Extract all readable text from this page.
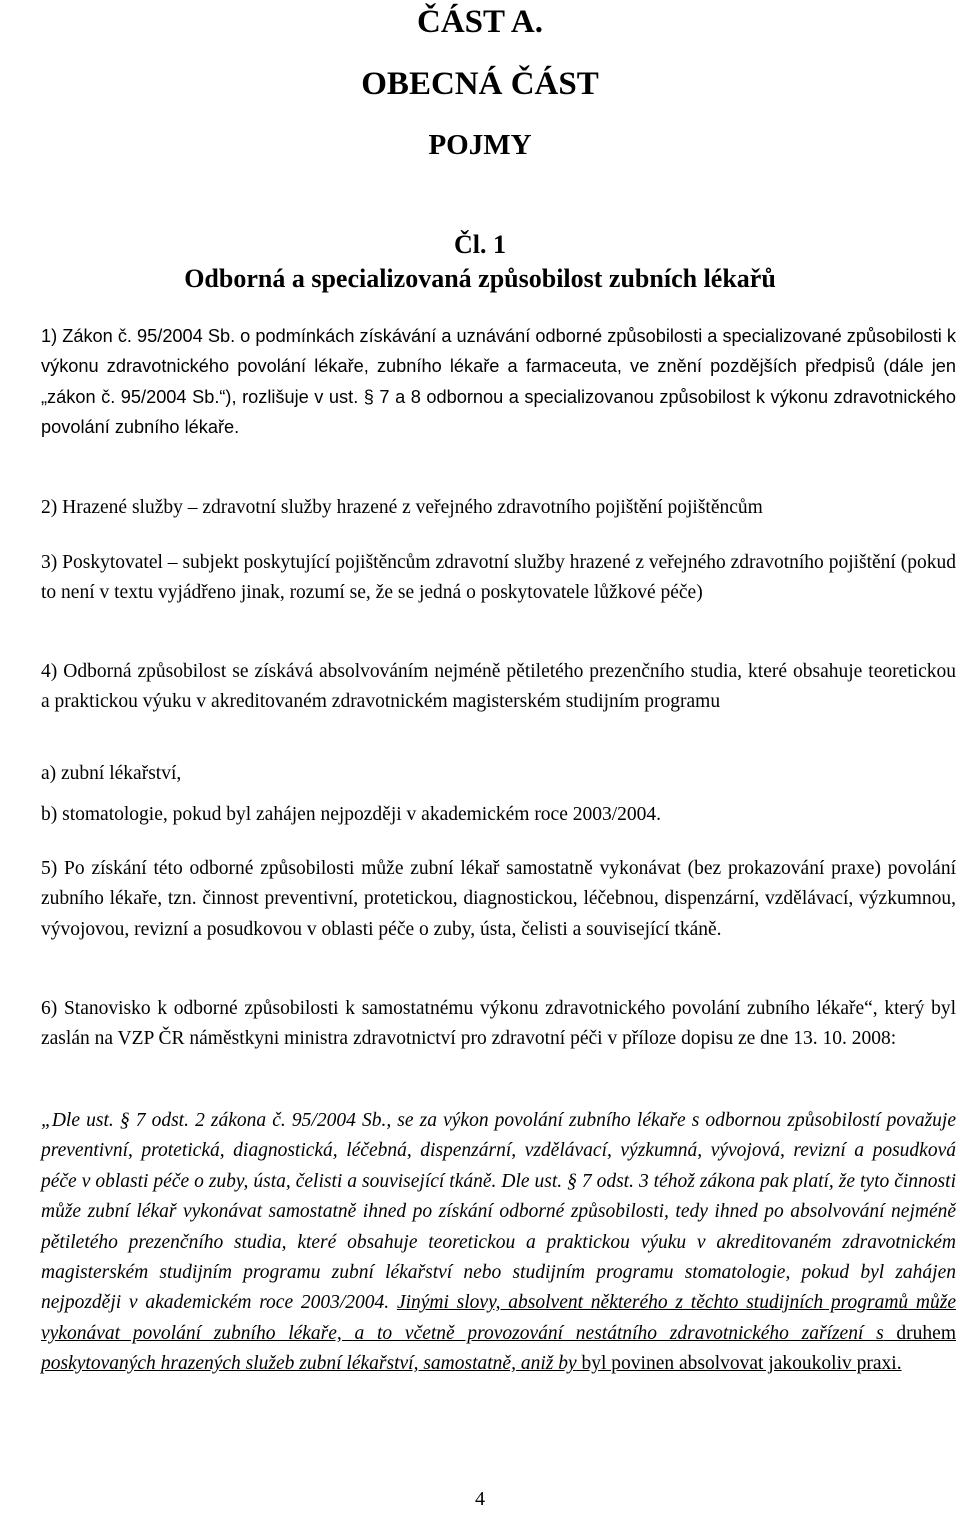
ČÁST A.
OBECNÁ ČÁST
POJMY
Čl. 1
Odborná a specializovaná způsobilost zubních lékařů
1) Zákon č. 95/2004 Sb. o podmínkách získávání a uznávání odborné způsobilosti a specializované způsobilosti k výkonu zdravotnického povolání lékaře, zubního lékaře a farmaceuta, ve znění pozdějších předpisů (dále jen „zákon č. 95/2004 Sb.“), rozlišuje v ust. § 7 a 8 odbornou a specializovanou způsobilost k výkonu zdravotnického povolání zubního lékaře.
2) Hrazené služby – zdravotní služby hrazené z veřejného zdravotního pojištění pojištěncům
3) Poskytovatel – subjekt poskytující pojištěncům zdravotní služby hrazené z veřejného zdravotního pojištění (pokud to není v textu vyjádřeno jinak, rozumí se, že se jedná o poskytovatele lůžkové péče)
4) Odborná způsobilost se získává absolvováním nejméně pětiletého prezenčního studia, které obsahuje teoretickou a praktickou výuku v akreditovaném zdravotnickém magisterském studijním programu
a) zubní lékařství,
b) stomatologie, pokud byl zahájen nejpozději v akademickém roce 2003/2004.
5) Po získání této odborné způsobilosti může zubní lékař samostatně vykonávat (bez prokazování praxe) povolání zubního lékaře, tzn. činnost preventivní, protetickou, diagnostickou, léčebnou, dispenzární, vzdělávací, výzkumnou, vývojovou, revizní a posudkovou v oblasti péče o zuby, ústa, čelisti a související tkáně.
6) Stanovisko k odborné způsobilosti k samostatnému výkonu zdravotnického povolání zubního lékaře“, který byl zaslán na VZP ČR náměstkyni ministra zdravotnictví pro zdravotní péči v příloze dopisu ze dne 13. 10. 2008:
„Dle ust. § 7 odst. 2 zákona č. 95/2004 Sb., se za výkon povolání zubního lékaře s odbornou způsobilostí považuje preventivní, protetická, diagnostická, léčebná, dispenzární, vzdělávací, výzkumná, vývojová, revizní a posudková péče v oblasti péče o zuby, ústa, čelisti a související tkáně. Dle ust. § 7 odst. 3 téhož zákona pak platí, že tyto činnosti může zubní lékař vykonávat samostatně ihned po získání odborné způsobilosti, tedy ihned po absolvování nejméně pětiletého prezenčního studia, které obsahuje teoretickou a praktickou výuku v akreditovaném zdravotnickém magisterském studijním programu zubní lékařství nebo studijním programu stomatologie, pokud byl zahájen nejpozději v akademickém roce 2003/2004. Jinými slovy, absolvent některého z těchto studijních programů může vykonávat povolání zubního lékaře, a to včetně provozování nestátního zdravotnického zařízení s druhem poskytovaných hrazených služeb zubní lékařství, samostatně, aniž by byl povinen absolvovat jakoukoliv praxi.
4
